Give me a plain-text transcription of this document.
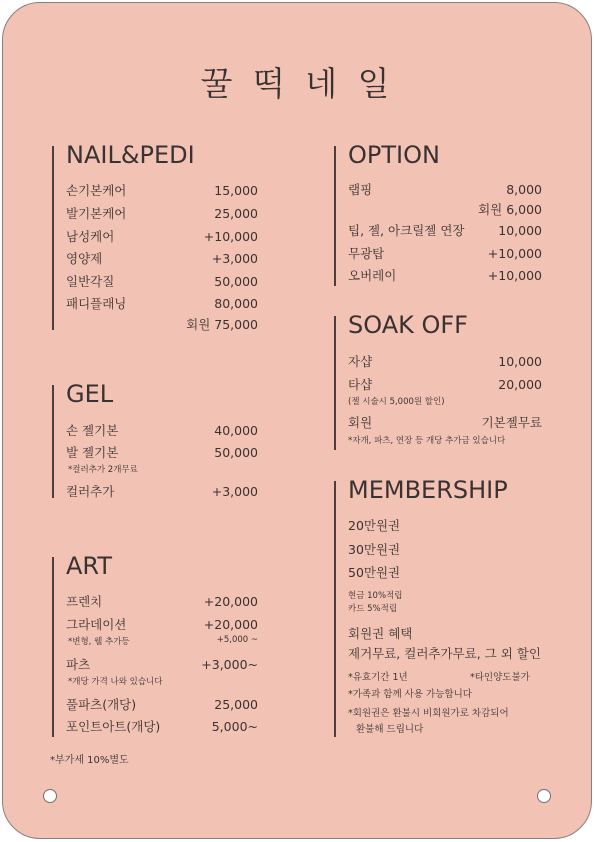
꿀 떡 네 일
NAIL&PEDI
손기본케어	15,000
발기본케어	25,000
남성케어	+10,000
영양제	+3,000
일반각질	50,000
패디플래닝	80,000
회원 75,000
GEL
손 젤기본	40,000
발 젤기본	50,000
*컬러추가 2개무료
컬러추가	+3,000
ART
프렌치	+20,000
그라데이션	+20,000
*변형, 웰 추가등	+5,000 ~
파츠	+3,000~
*개당 가격 나와 있습니다
풀파츠(개당)	25,000
포인트아트(개당)	5,000~
*부가세 10%별도
OPTION
랩핑	8,000
회원 6,000
팁, 젤, 아크릴젤 연장	10,000
무광탑	+10,000
오버레이	+10,000
SOAK OFF
자샵	10,000
타샵	20,000
(젤 시술시 5,000원 할인)
회원	기본젤무료
*자개, 파츠, 연장 등 개당 추가금 있습니다
MEMBERSHIP
20만원권
30만원권
50만원권
현금 10%적립
카드 5%적립
회원권 혜택
제거무료, 컬러추가무료, 그 외 할인
*유효기간 1년	*타인양도불가
*가족과 함께 사용 가능합니다
*회원권은 환불시 비회원가로 차감되어
환불해 드립니다
